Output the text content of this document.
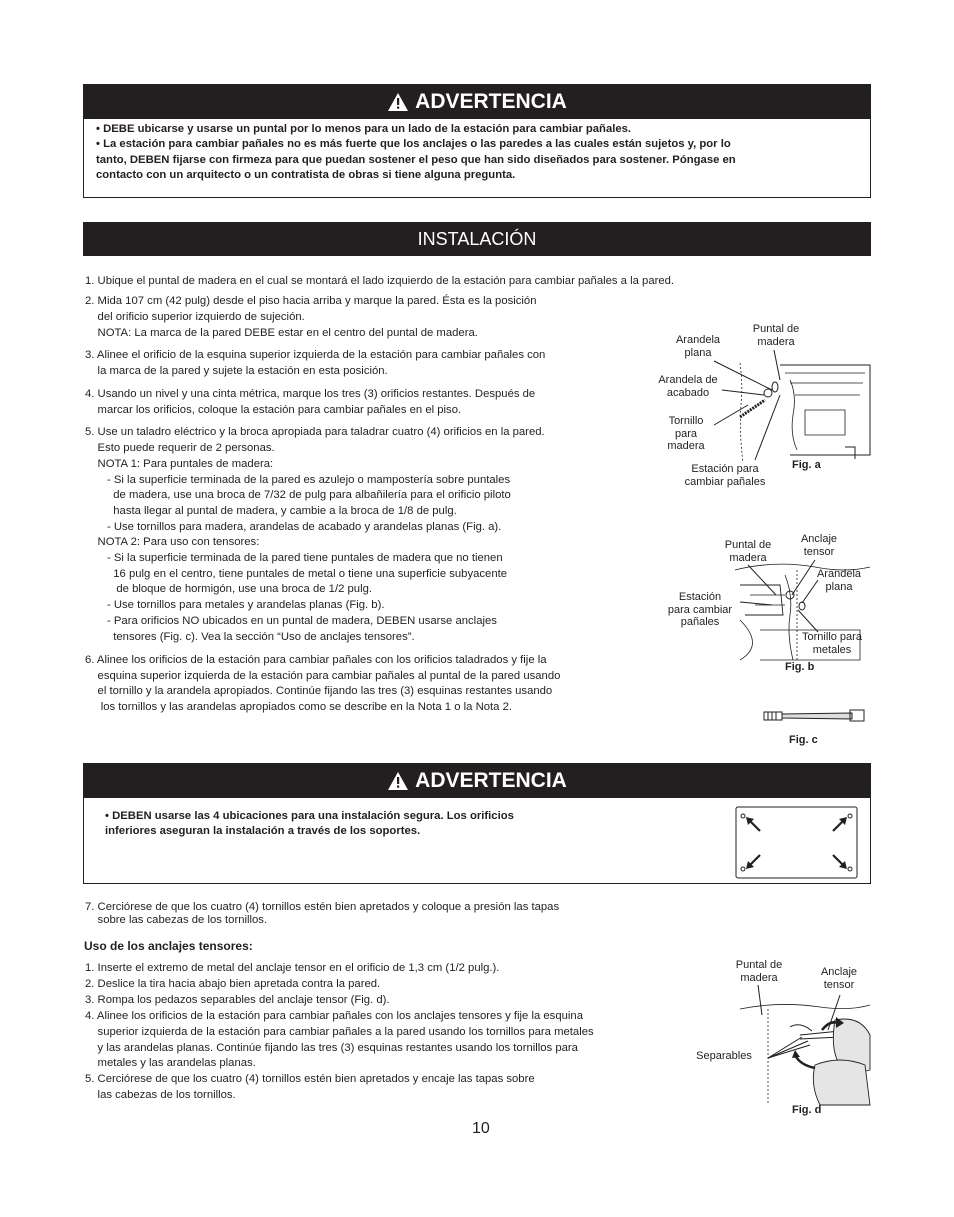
ADVERTENCIA
• DEBE ubicarse y usarse un puntal por lo menos para un lado de la estación para cambiar pañales.
• La estación para cambiar pañales no es más fuerte que los anclajes o las paredes a las cuales están sujetos y, por lo
tanto, DEBEN fijarse con firmeza para que puedan sostener el peso que han sido diseñados para sostener. Póngase en
contacto con un arquitecto o un contratista de obras si tiene alguna pregunta.
INSTALACIÓN
1. Ubique el puntal de madera en el cual se montará el lado izquierdo de la estación para cambiar pañales a la pared.
2. Mida 107 cm (42 pulg) desde el piso hacia arriba y marque la pared. Ésta es la posición
del orificio superior izquierdo de sujeción.
NOTA: La marca de la pared DEBE estar en el centro del puntal de madera.
3. Alinee el orificio de la esquina superior izquierda de la estación para cambiar pañales con
la marca de la pared y sujete la estación en esta posición.
4. Usando un nivel y una cinta métrica, marque los tres (3) orificios restantes. Después de
marcar los orificios, coloque la estación para cambiar pañales en el piso.
5. Use un taladro eléctrico y la broca apropiada para taladrar cuatro (4) orificios en la pared.
Esto puede requerir de 2 personas.
NOTA 1: Para puntales de madera:
- Si la superficie terminada de la pared es azulejo o mampostería sobre puntales
de madera, use una broca de 7/32 de pulg para albañilería para el orificio piloto
hasta llegar al puntal de madera, y cambie a la broca de 1/8 de pulg.
- Use tornillos para madera, arandelas de acabado y arandelas planas (Fig. a).
NOTA 2: Para uso con tensores:
- Si la superficie terminada de la pared tiene puntales de madera que no tienen
16 pulg en el centro, tiene puntales de metal o tiene una superficie subyacente
de bloque de hormigón, use una broca de 1/2 pulg.
- Use tornillos para metales y arandelas planas (Fig. b).
- Para orificios NO ubicados en un puntal de madera, DEBEN usarse anclajes
tensores (Fig. c). Vea la sección “Uso de anclajes tensores”.
6. Alinee los orificios de la estación para cambiar pañales con los orificios taladrados y fije la
esquina superior izquierda de la estación para cambiar pañales al puntal de la pared usando
el tornillo y la arandela apropiados. Continúe fijando las tres (3) esquinas restantes usando
los tornillos y las arandelas apropiados como se describe en la Nota 1 o la Nota 2.
Arandela
plana
Puntal de
madera
Arandela de
acabado
Tornillo
para
madera
Estación para
cambiar pañales
Fig. a
Puntal de
madera
Anclaje
tensor
Arandela
plana
Estación
para cambiar
pañales
Tornillo para
metales
Fig. b
Fig. c
ADVERTENCIA
• DEBEN usarse las 4 ubicaciones para una instalación segura. Los orificios
inferiores aseguran la instalación a través de los soportes.
7. Cerciórese de que los cuatro (4) tornillos estén bien apretados y coloque a presión las tapas
sobre las cabezas de los tornillos.
Uso de los anclajes tensores:
1. Inserte el extremo de metal del anclaje tensor en el orificio de 1,3 cm (1/2 pulg.).
2. Deslice la tira hacia abajo bien apretada contra la pared.
3. Rompa los pedazos separables del anclaje tensor (Fig. d).
4. Alinee los orificios de la estación para cambiar pañales con los anclajes tensores y fije la esquina
superior izquierda de la estación para cambiar pañales a la pared usando los tornillos para metales
y las arandelas planas. Continúe fijando las tres (3) esquinas restantes usando los tornillos para
metales y las arandelas planas.
5. Cerciórese de que los cuatro (4) tornillos estén bien apretados y encaje las tapas sobre
las cabezas de los tornillos.
Puntal de
madera	Anclaje
tensor
Separables
Fig. d
10
